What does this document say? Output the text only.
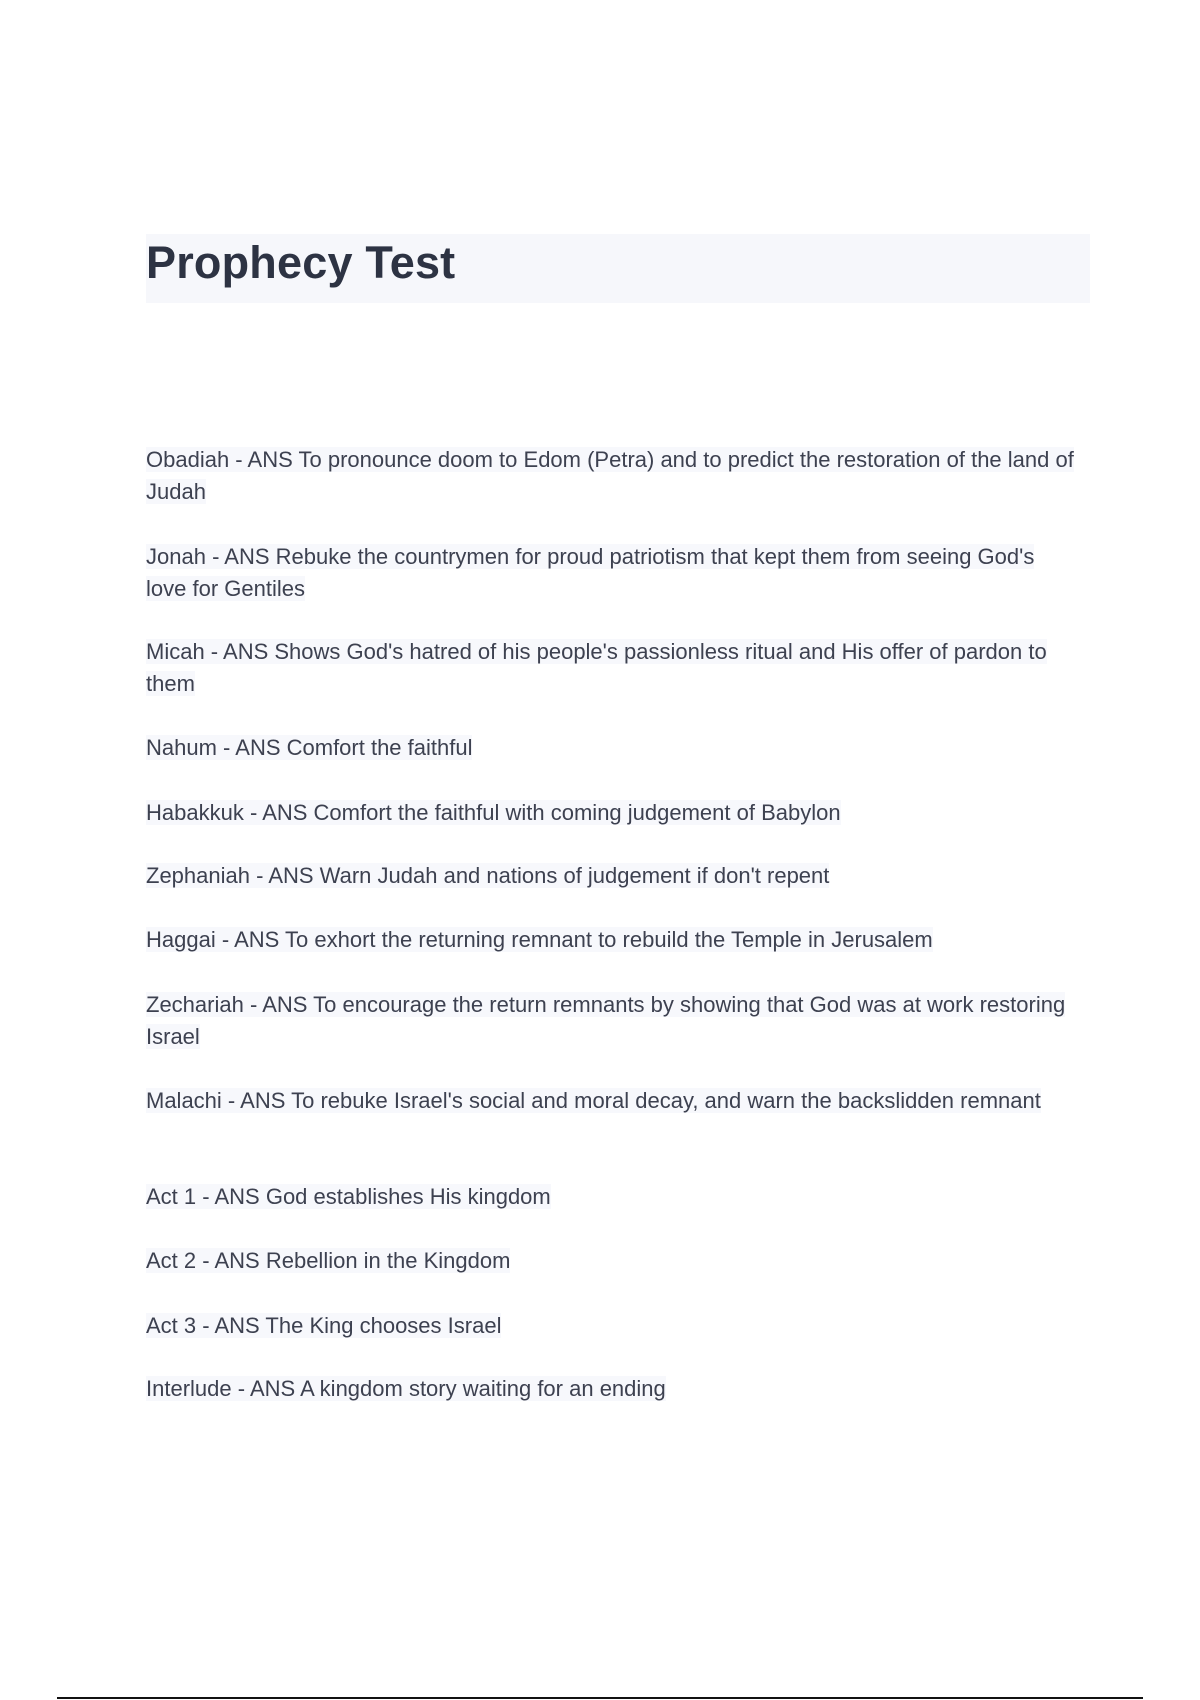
Prophecy Test
Obadiah - ANS To pronounce doom to Edom (Petra) and to predict the restoration of the land of Judah
Jonah - ANS Rebuke the countrymen for proud patriotism that kept them from seeing God's love for Gentiles
Micah - ANS Shows God's hatred of his people's passionless ritual and His offer of pardon to them
Nahum - ANS Comfort the faithful
Habakkuk - ANS Comfort the faithful with coming judgement of Babylon
Zephaniah - ANS Warn Judah and nations of judgement if don't repent
Haggai - ANS To exhort the returning remnant to rebuild the Temple in Jerusalem
Zechariah - ANS To encourage the return remnants by showing that God was at work restoring Israel
Malachi - ANS To rebuke Israel's social and moral decay, and warn the backslidden remnant
Act 1 - ANS God establishes His kingdom
Act 2 - ANS Rebellion in the Kingdom
Act 3 - ANS The King chooses Israel
Interlude - ANS A kingdom story waiting for an ending
